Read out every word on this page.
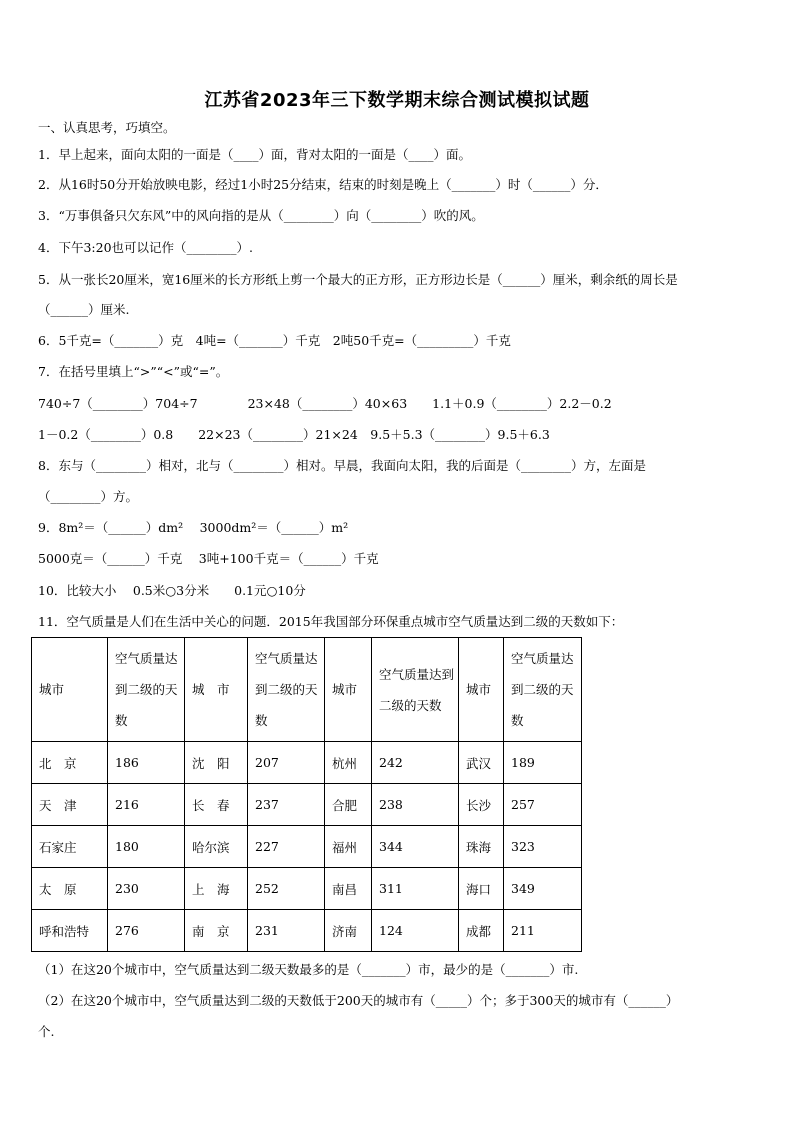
江苏省2023年三下数学期末综合测试模拟试题
一、认真思考，巧填空。
1．早上起来，面向太阳的一面是（____）面，背对太阳的一面是（____）面。
2．从16时50分开始放映电影，经过1小时25分结束，结束的时刻是晚上（_______）时（______）分．
3．“万事俱备只欠东风”中的风向指的是从（________）向（________）吹的风。
4．下午3:20也可以记作（________）.
5．从一张长20厘米，宽16厘米的长方形纸上剪一个最大的正方形，正方形边长是（______）厘米，剩余纸的周长是
（______）厘米.
6．5千克=（_______）克　4吨=（_______）千克　2吨50千克=（_________）千克
7．在括号里填上“>”“<”或“=”。
740÷7（________）704÷7　　　　23×48（________）40×63　　1.1＋0.9（________）2.2－0.2
1－0.2（________）0.8　　22×23（________）21×24　9.5＋5.3（________）9.5＋6.3
8．东与（________）相对，北与（________）相对。早晨，我面向太阳，我的后面是（________）方，左面是
（________）方。
9．8m²＝（______）dm²　 3000dm²＝（______）m²
5000克＝（______）千克　 3吨+100千克＝（______）千克
10．比较大小　 0.5米○3分米　　0.1元○10分
11．空气质量是人们在生活中关心的问题．2015年我国部分环保重点城市空气质量达到二级的天数如下：
城市	空气质量达到二级的天数	城　市	空气质量达到二级的天数	城市	空气质量达到二级的天数	城市	空气质量达到二级的天数
北　京	186	沈　阳	207	杭州	242	武汉	189
天　津	216	长　春	237	合肥	238	长沙	257
石家庄	180	哈尔滨	227	福州	344	珠海	323
太　原	230	上　海	252	南昌	311	海口	349
呼和浩特	276	南　京	231	济南	124	成都	211
（1）在这20个城市中，空气质量达到二级天数最多的是（_______）市，最少的是（_______）市.
（2）在这20个城市中，空气质量达到二级的天数低于200天的城市有（_____）个；多于300天的城市有（______）
个.
